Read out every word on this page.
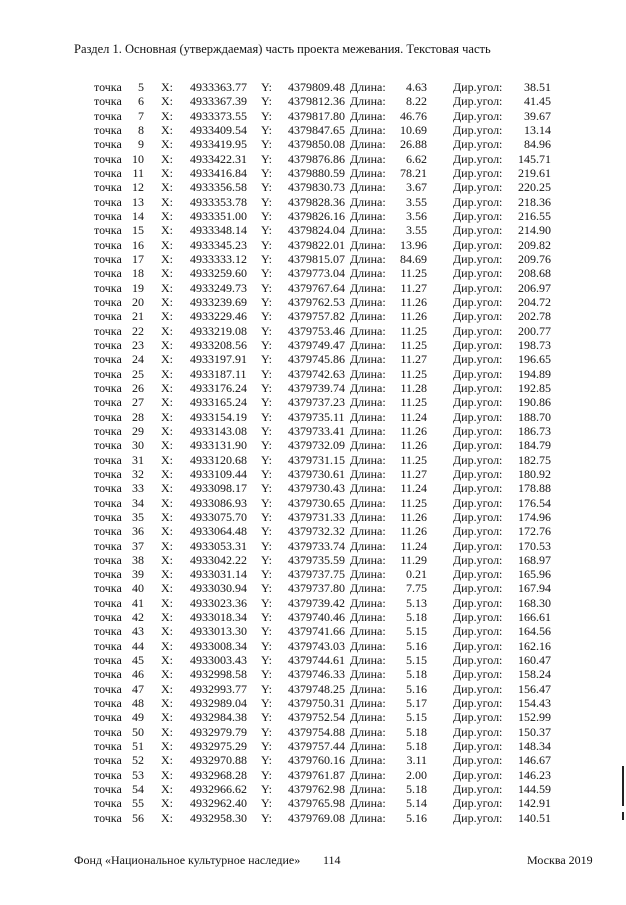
Раздел 1. Основная (утверждаемая) часть проекта межевания. Текстовая часть
точка	5 X: 4933363.77 Y: 4379809.48 Длина:	4.63 Дир.угол:	38.51
точка	6 X: 4933367.39 Y: 4379812.36 Длина:	8.22 Дир.угол:	41.45
точка	7 X: 4933373.55 Y: 4379817.80 Длина:	46.76 Дир.угол:	39.67
точка	8 X: 4933409.54 Y: 4379847.65 Длина:	10.69 Дир.угол:	13.14
точка	9 X: 4933419.95 Y: 4379850.08 Длина:	26.88 Дир.угол:	84.96
точка 10 X: 4933422.31 Y: 4379876.86 Длина:	6.62 Дир.угол: 145.71
точка 11 X: 4933416.84 Y: 4379880.59 Длина:	78.21 Дир.угол: 219.61
точка 12 X: 4933356.58 Y: 4379830.73 Длина:	3.67 Дир.угол: 220.25
точка 13 X: 4933353.78 Y: 4379828.36 Длина:	3.55 Дир.угол: 218.36
точка 14 X: 4933351.00 Y: 4379826.16 Длина:	3.56 Дир.угол: 216.55
точка 15 X: 4933348.14 Y: 4379824.04 Длина:	3.55 Дир.угол: 214.90
точка 16 X: 4933345.23 Y: 4379822.01 Длина:	13.96 Дир.угол: 209.82
точка 17 X: 4933333.12 Y: 4379815.07 Длина:	84.69 Дир.угол: 209.76
точка 18 X: 4933259.60 Y: 4379773.04 Длина:	11.25 Дир.угол: 208.68
точка 19 X: 4933249.73 Y: 4379767.64 Длина:	11.27 Дир.угол: 206.97
точка 20 X: 4933239.69 Y: 4379762.53 Длина:	11.26 Дир.угол: 204.72
точка 21 X: 4933229.46 Y: 4379757.82 Длина:	11.26 Дир.угол: 202.78
точка 22 X: 4933219.08 Y: 4379753.46 Длина:	11.25 Дир.угол: 200.77
точка 23 X: 4933208.56 Y: 4379749.47 Длина:	11.25 Дир.угол: 198.73
точка 24 X: 4933197.91 Y: 4379745.86 Длина:	11.27 Дир.угол: 196.65
точка 25 X: 4933187.11 Y: 4379742.63 Длина:	11.25 Дир.угол: 194.89
точка 26 X: 4933176.24 Y: 4379739.74 Длина:	11.28 Дир.угол: 192.85
точка 27 X: 4933165.24 Y: 4379737.23 Длина:	11.25 Дир.угол: 190.86
точка 28 X: 4933154.19 Y: 4379735.11 Длина:	11.24 Дир.угол: 188.70
точка 29 X: 4933143.08 Y: 4379733.41 Длина:	11.26 Дир.угол: 186.73
точка 30 X: 4933131.90 Y: 4379732.09 Длина:	11.26 Дир.угол: 184.79
точка 31 X: 4933120.68 Y: 4379731.15 Длина:	11.25 Дир.угол: 182.75
точка 32 X: 4933109.44 Y: 4379730.61 Длина:	11.27 Дир.угол: 180.92
точка 33 X: 4933098.17 Y: 4379730.43 Длина:	11.24 Дир.угол: 178.88
точка 34 X: 4933086.93 Y: 4379730.65 Длина:	11.25 Дир.угол: 176.54
точка 35 X: 4933075.70 Y: 4379731.33 Длина:	11.26 Дир.угол: 174.96
точка 36 X: 4933064.48 Y: 4379732.32 Длина:	11.26 Дир.угол: 172.76
точка 37 X: 4933053.31 Y: 4379733.74 Длина:	11.24 Дир.угол: 170.53
точка 38 X: 4933042.22 Y: 4379735.59 Длина:	11.29 Дир.угол: 168.97
точка 39 X: 4933031.14 Y: 4379737.75 Длина:	0.21 Дир.угол: 165.96
точка 40 X: 4933030.94 Y: 4379737.80 Длина:	7.75 Дир.угол: 167.94
точка 41 X: 4933023.36 Y: 4379739.42 Длина:	5.13 Дир.угол: 168.30
точка 42 X: 4933018.34 Y: 4379740.46 Длина:	5.18 Дир.угол: 166.61
точка 43 X: 4933013.30 Y: 4379741.66 Длина:	5.15 Дир.угол: 164.56
точка 44 X: 4933008.34 Y: 4379743.03 Длина:	5.16 Дир.угол: 162.16
точка 45 X: 4933003.43 Y: 4379744.61 Длина:	5.15 Дир.угол: 160.47
точка 46 X: 4932998.58 Y: 4379746.33 Длина:	5.18 Дир.угол: 158.24
точка 47 X: 4932993.77 Y: 4379748.25 Длина:	5.16 Дир.угол: 156.47
точка 48 X: 4932989.04 Y: 4379750.31 Длина:	5.17 Дир.угол: 154.43
точка 49 X: 4932984.38 Y: 4379752.54 Длина:	5.15 Дир.угол: 152.99
точка 50 X: 4932979.79 Y: 4379754.88 Длина:	5.18 Дир.угол: 150.37
точка 51 X: 4932975.29 Y: 4379757.44 Длина:	5.18 Дир.угол: 148.34
точка 52 X: 4932970.88 Y: 4379760.16 Длина:	3.11 Дир.угол: 146.67
точка 53 X: 4932968.28 Y: 4379761.87 Длина:	2.00 Дир.угол: 146.23
точка 54 X: 4932966.62 Y: 4379762.98 Длина:	5.18 Дир.угол: 144.59
точка 55 X: 4932962.40 Y: 4379765.98 Длина:	5.14 Дир.угол: 142.91
точка 56 X: 4932958.30 Y: 4379769.08 Длина:	5.16 Дир.угол: 140.51
Фонд «Национальное культурное наследие» 114	Москва 2019
